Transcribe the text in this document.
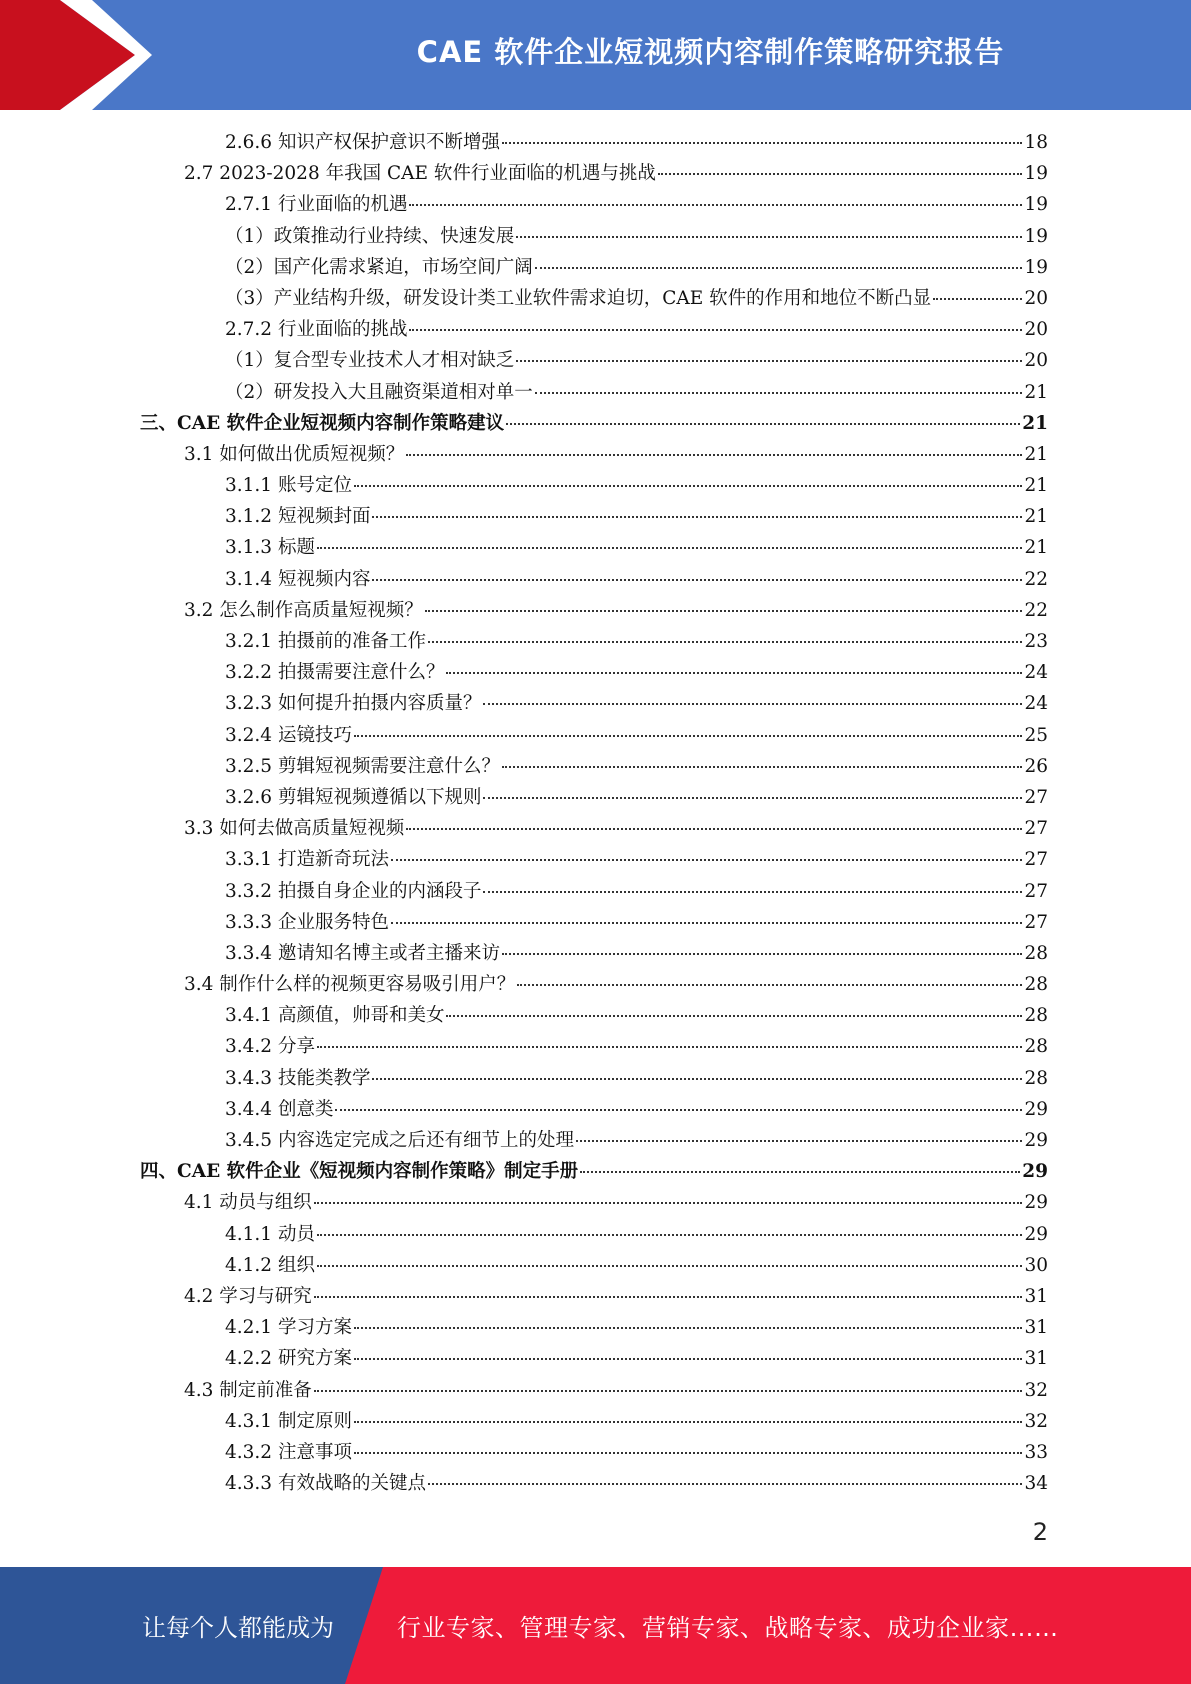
CAE 软件企业短视频内容制作策略研究报告
2.6.6 知识产权保护意识不断增强	18
2.7 2023-2028 年我国 CAE 软件行业面临的机遇与挑战	19
2.7.1 行业面临的机遇	19
（1）政策推动行业持续、快速发展	19
（2）国产化需求紧迫，市场空间广阔	19
（3）产业结构升级，研发设计类工业软件需求迫切，CAE 软件的作用和地位不断凸显	20
2.7.2 行业面临的挑战	20
（1）复合型专业技术人才相对缺乏	20
（2）研发投入大且融资渠道相对单一	21
三、CAE 软件企业短视频内容制作策略建议	21
3.1 如何做出优质短视频？	21
3.1.1 账号定位	21
3.1.2 短视频封面	21
3.1.3 标题	21
3.1.4 短视频内容	22
3.2 怎么制作高质量短视频？	22
3.2.1 拍摄前的准备工作	23
3.2.2 拍摄需要注意什么？	24
3.2.3 如何提升拍摄内容质量？	24
3.2.4 运镜技巧	25
3.2.5 剪辑短视频需要注意什么？	26
3.2.6 剪辑短视频遵循以下规则	27
3.3 如何去做高质量短视频	27
3.3.1 打造新奇玩法	27
3.3.2 拍摄自身企业的内涵段子	27
3.3.3 企业服务特色	27
3.3.4 邀请知名博主或者主播来访	28
3.4 制作什么样的视频更容易吸引用户？	28
3.4.1 高颜值，帅哥和美女	28
3.4.2 分享	28
3.4.3 技能类教学	28
3.4.4 创意类	29
3.4.5 内容选定完成之后还有细节上的处理	29
四、CAE 软件企业《短视频内容制作策略》制定手册	29
4.1 动员与组织	29
4.1.1 动员	29
4.1.2 组织	30
4.2 学习与研究	31
4.2.1 学习方案	31
4.2.2 研究方案	31
4.3 制定前准备	32
4.3.1 制定原则	32
4.3.2 注意事项	33
4.3.3 有效战略的关键点	34
2
让每个人都能成为	行业专家、管理专家、营销专家、战略专家、成功企业家……
